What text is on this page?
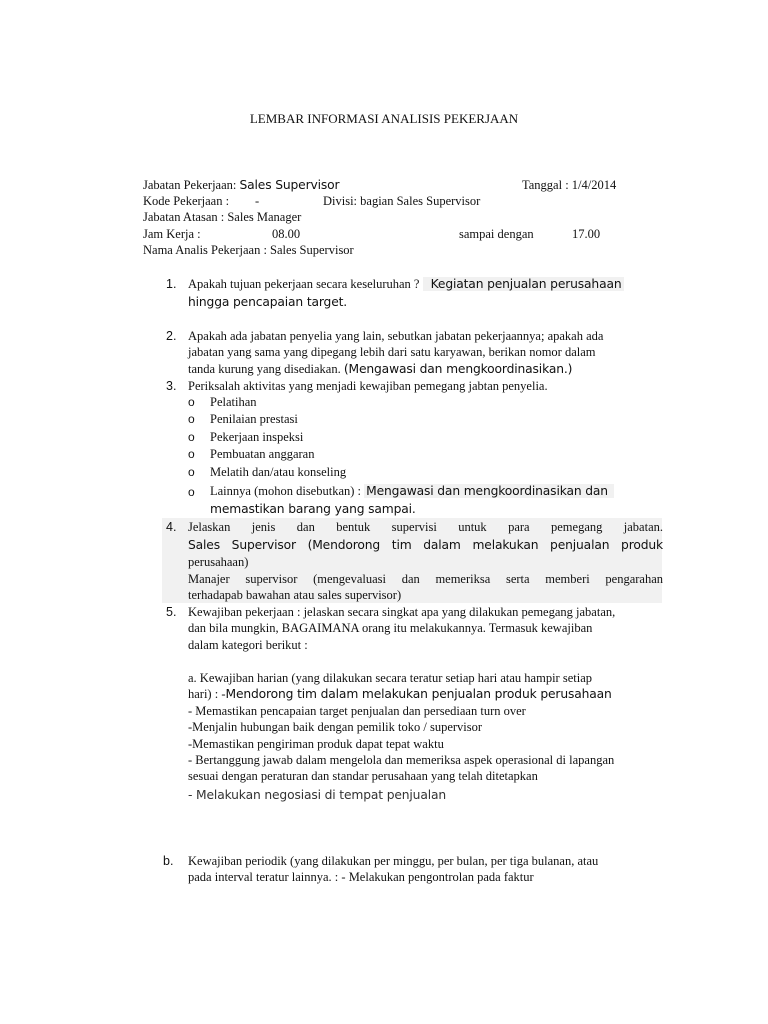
LEMBAR INFORMASI ANALISIS PEKERJAAN
Jabatan Pekerjaan: Sales Supervisor	Tanggal : 1/4/2014
Kode Pekerjaan : -	Divisi: bagian Sales Supervisor
Jabatan Atasan : Sales Manager
Jam Kerja :	08.00	sampai dengan	17.00
Nama Analis Pekerjaan : Sales Supervisor
1. Apakah tujuan pekerjaan secara keseluruhan ? Kegiatan penjualan perusahaan
hingga pencapaian target.
2. Apakah ada jabatan penyelia yang lain, sebutkan jabatan pekerjaannya; apakah ada
jabatan yang sama yang dipegang lebih dari satu karyawan, berikan nomor dalam
tanda kurung yang disediakan. (Mengawasi dan mengkoordinasikan.)
3. Periksalah aktivitas yang menjadi kewajiban pemegang jabtan penyelia.
o Pelatihan
o Penilaian prestasi
o Pekerjaan inspeksi
o Pembuatan anggaran
o Melatih dan/atau konseling
o Lainnya (mohon disebutkan) : Mengawasi dan mengkoordinasikan dan
memastikan barang yang sampai.
4. Jelaskan jenis dan bentuk supervisi untuk para pemegang jabatan.
Sales Supervisor (Mendorong tim dalam melakukan penjualan produk
perusahaan)
Manajer supervisor (mengevaluasi dan memeriksa serta memberi pengarahan
terhadapab bawahan atau sales supervisor)
5. Kewajiban pekerjaan : jelaskan secara singkat apa yang dilakukan pemegang jabatan,
dan bila mungkin, BAGAIMANA orang itu melakukannya. Termasuk kewajiban
dalam kategori berikut :
a. Kewajiban harian (yang dilakukan secara teratur setiap hari atau hampir setiap
hari) : -Mendorong tim dalam melakukan penjualan produk perusahaan
- Memastikan pencapaian target penjualan dan persediaan turn over
-Menjalin hubungan baik dengan pemilik toko / supervisor
-Memastikan pengiriman produk dapat tepat waktu
- Bertanggung jawab dalam mengelola dan memeriksa aspek operasional di lapangan
sesuai dengan peraturan dan standar perusahaan yang telah ditetapkan
- Melakukan negosiasi di tempat penjualan
b. Kewajiban periodik (yang dilakukan per minggu, per bulan, per tiga bulanan, atau
pada interval teratur lainnya. : - Melakukan pengontrolan pada faktur
